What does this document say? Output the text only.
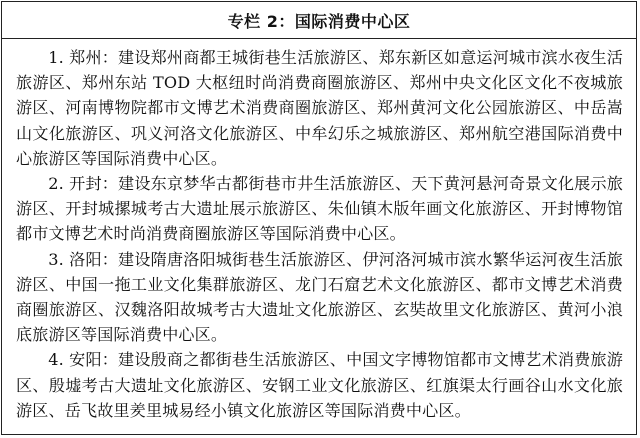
专栏 2：国际消费中心区

1. 郑州：建设郑州商都王城街巷生活旅游区、郑东新区如意运河城市滨水夜生活旅游区、郑州东站 TOD 大枢纽时尚消费商圈旅游区、郑州中央文化区文化不夜城旅游区、河南博物院都市文博艺术消费商圈旅游区、郑州黄河文化公园旅游区、中岳嵩山文化旅游区、巩义河洛文化旅游区、中牟幻乐之城旅游区、郑州航空港国际消费中心旅游区等国际消费中心区。

2. 开封：建设东京梦华古都街巷市井生活旅游区、天下黄河悬河奇景文化展示旅游区、开封城摞城考古大遗址展示旅游区、朱仙镇木版年画文化旅游区、开封博物馆都市文博艺术时尚消费商圈旅游区等国际消费中心区。

3. 洛阳：建设隋唐洛阳城街巷生活旅游区、伊河洛河城市滨水繁华运河夜生活旅游区、中国一拖工业文化集群旅游区、龙门石窟艺术文化旅游区、都市文博艺术消费商圈旅游区、汉魏洛阳故城考古大遗址文化旅游区、玄奘故里文化旅游区、黄河小浪底旅游区等国际消费中心区。

4. 安阳：建设殷商之都街巷生活旅游区、中国文字博物馆都市文博艺术消费旅游区、殷墟考古大遗址文化旅游区、安钢工业文化旅游区、红旗渠太行画谷山水文化旅游区、岳飞故里羑里城易经小镇文化旅游区等国际消费中心区。
